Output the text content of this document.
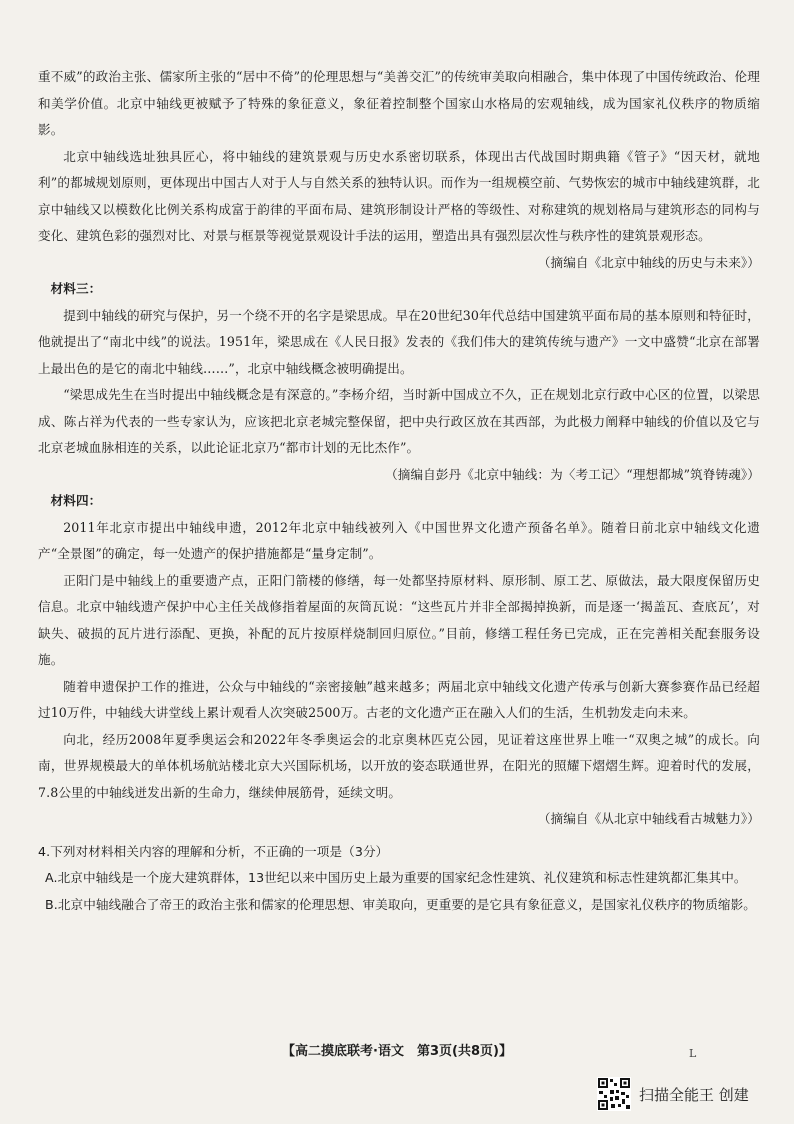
重不威”的政治主张、儒家所主张的“居中不倚”的伦理思想与“美善交汇”的传统审美取向相融合，集中体现了中国传统政治、伦理和美学价值。北京中轴线更被赋予了特殊的象征意义，象征着控制整个国家山水格局的宏观轴线，成为国家礼仪秩序的物质缩影。

北京中轴线选址独具匠心，将中轴线的建筑景观与历史水系密切联系，体现出古代战国时期典籍《管子》“因天材，就地利”的都城规划原则，更体现出中国古人对于人与自然关系的独特认识。而作为一组规模空前、气势恢宏的城市中轴线建筑群，北京中轴线又以模数化比例关系构成富于韵律的平面布局、建筑形制设计严格的等级性、对称建筑的规划格局与建筑形态的同构与变化、建筑色彩的强烈对比、对景与框景等视觉景观设计手法的运用，塑造出具有强烈层次性与秩序性的建筑景观形态。

（摘编自《北京中轴线的历史与未来》）

材料三：

提到中轴线的研究与保护，另一个绕不开的名字是梁思成。早在20世纪30年代总结中国建筑平面布局的基本原则和特征时，他就提出了“南北中线”的说法。1951年，梁思成在《人民日报》发表的《我们伟大的建筑传统与遗产》一文中盛赞“北京在部署上最出色的是它的南北中轴线……”，北京中轴线概念被明确提出。

“梁思成先生在当时提出中轴线概念是有深意的。”李杨介绍，当时新中国成立不久，正在规划北京行政中心区的位置，以梁思成、陈占祥为代表的一些专家认为，应该把北京老城完整保留，把中央行政区放在其西部，为此极力阐释中轴线的价值以及它与北京老城血脉相连的关系，以此论证北京乃“都市计划的无比杰作”。

（摘编自彭丹《北京中轴线：为〈考工记〉“理想都城”筑脊铸魂》）

材料四：

2011年北京市提出中轴线申遗，2012年北京中轴线被列入《中国世界文化遗产预备名单》。随着日前北京中轴线文化遗产“全景图”的确定，每一处遗产的保护措施都是“量身定制”。

正阳门是中轴线上的重要遗产点，正阳门箭楼的修缮，每一处都坚持原材料、原形制、原工艺、原做法，最大限度保留历史信息。北京中轴线遗产保护中心主任关战修指着屋面的灰筒瓦说：“这些瓦片并非全部揭掉换新，而是逐一‘揭盖瓦、查底瓦’，对缺失、破损的瓦片进行添配、更换，补配的瓦片按原样烧制回归原位。”目前，修缮工程任务已完成，正在完善相关配套服务设施。

随着申遗保护工作的推进，公众与中轴线的“亲密接触”越来越多；两届北京中轴线文化遗产传承与创新大赛参赛作品已经超过10万件，中轴线大讲堂线上累计观看人次突破2500万。古老的文化遗产正在融入人们的生活，生机勃发走向未来。

向北，经历2008年夏季奥运会和2022年冬季奥运会的北京奥林匹克公园，见证着这座世界上唯一“双奥之城”的成长。向南，世界规模最大的单体机场航站楼北京大兴国际机场，以开放的姿态联通世界，在阳光的照耀下熠熠生辉。迎着时代的发展，7.8公里的中轴线迸发出新的生命力，继续伸展筋骨，延续文明。

（摘编自《从北京中轴线看古城魅力》）

4.下列对材料相关内容的理解和分析，不正确的一项是（3分）

A.北京中轴线是一个庞大建筑群体，13世纪以来中国历史上最为重要的国家纪念性建筑、礼仪建筑和标志性建筑都汇集其中。

B.北京中轴线融合了帝王的政治主张和儒家的伦理思想、审美取向，更重要的是它具有象征意义，是国家礼仪秩序的物质缩影。

L
【高二摸底联考·语文　第3页(共8页)】
扫描全能王 创建
